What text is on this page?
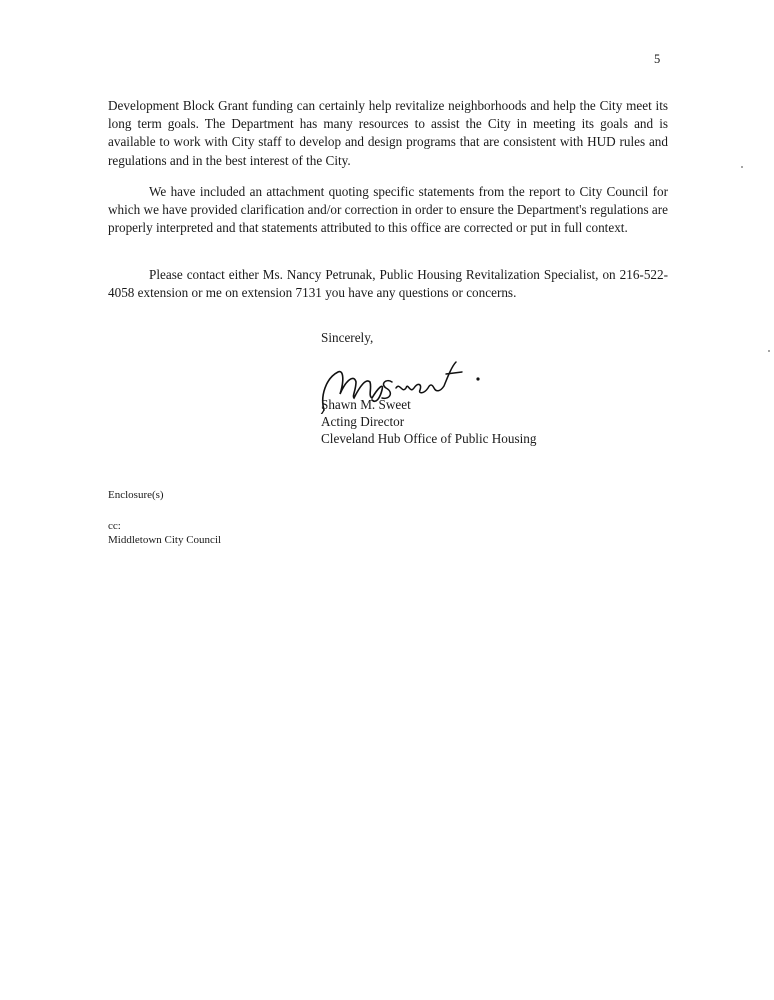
5

Development Block Grant funding can certainly help revitalize neighborhoods and help the City meet its long term goals. The Department has many resources to assist the City in meeting its goals and is available to work with City staff to develop and design programs that are consistent with HUD rules and regulations and in the best interest of the City.

We have included an attachment quoting specific statements from the report to City Council for which we have provided clarification and/or correction in order to ensure the Department's regulations are properly interpreted and that statements attributed to this office are corrected or put in full context.

Please contact either Ms. Nancy Petrunak, Public Housing Revitalization Specialist, on 216-522-4058 extension or me on extension 7131 you have any questions or concerns.

Sincerely,
Shawn M. Sweet
Acting Director
Cleveland Hub Office of Public Housing
Enclosure(s)
cc:
Middletown City Council
